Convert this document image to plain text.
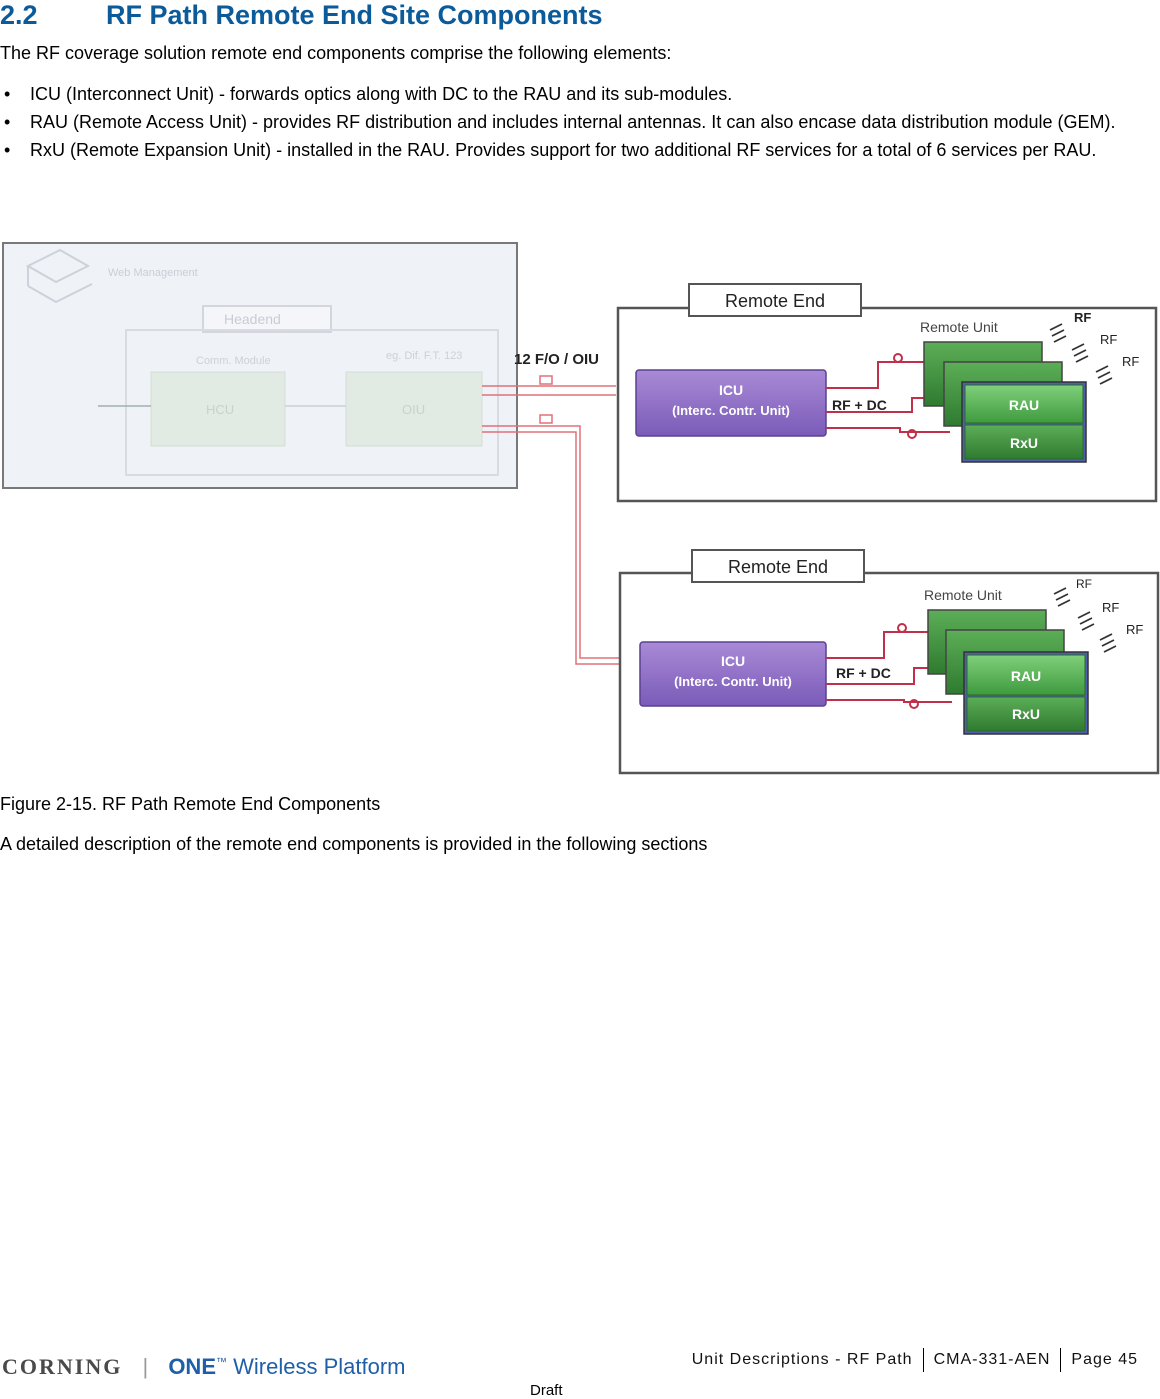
2.2	RF Path Remote End Site Components
The RF coverage solution remote end components comprise the following elements:
• ICU (Interconnect Unit) - forwards optics along with DC to the RAU and its sub-modules.
• RAU (Remote Access Unit) - provides RF distribution and includes internal antennas. It can also encase data distribution module (GEM).
• RxU (Remote Expansion Unit) - installed in the RAU. Provides support for two additional RF services for a total of 6 services per RAU.
Web Management
Headend
Comm. Module	eg. Dif. F.T. 123
HCU	OIU
12 F/O / OIU
Remote End
Remote Unit
RF
RF
RF
ICU
(Interc. Contr. Unit)	RF + DC	RAU
RxU
Remote End
Remote Unit
RF
RF
RF
ICU
(Interc. Contr. Unit)
RF + DC	RAU
RxU
Figure 2-15. RF Path Remote End Components
A detailed description of the remote end components is provided in the following sections
CORNING | ONE™ Wireless Platform	Unit Descriptions - RF Path	CMA-331-AEN	Page 45
Draft
